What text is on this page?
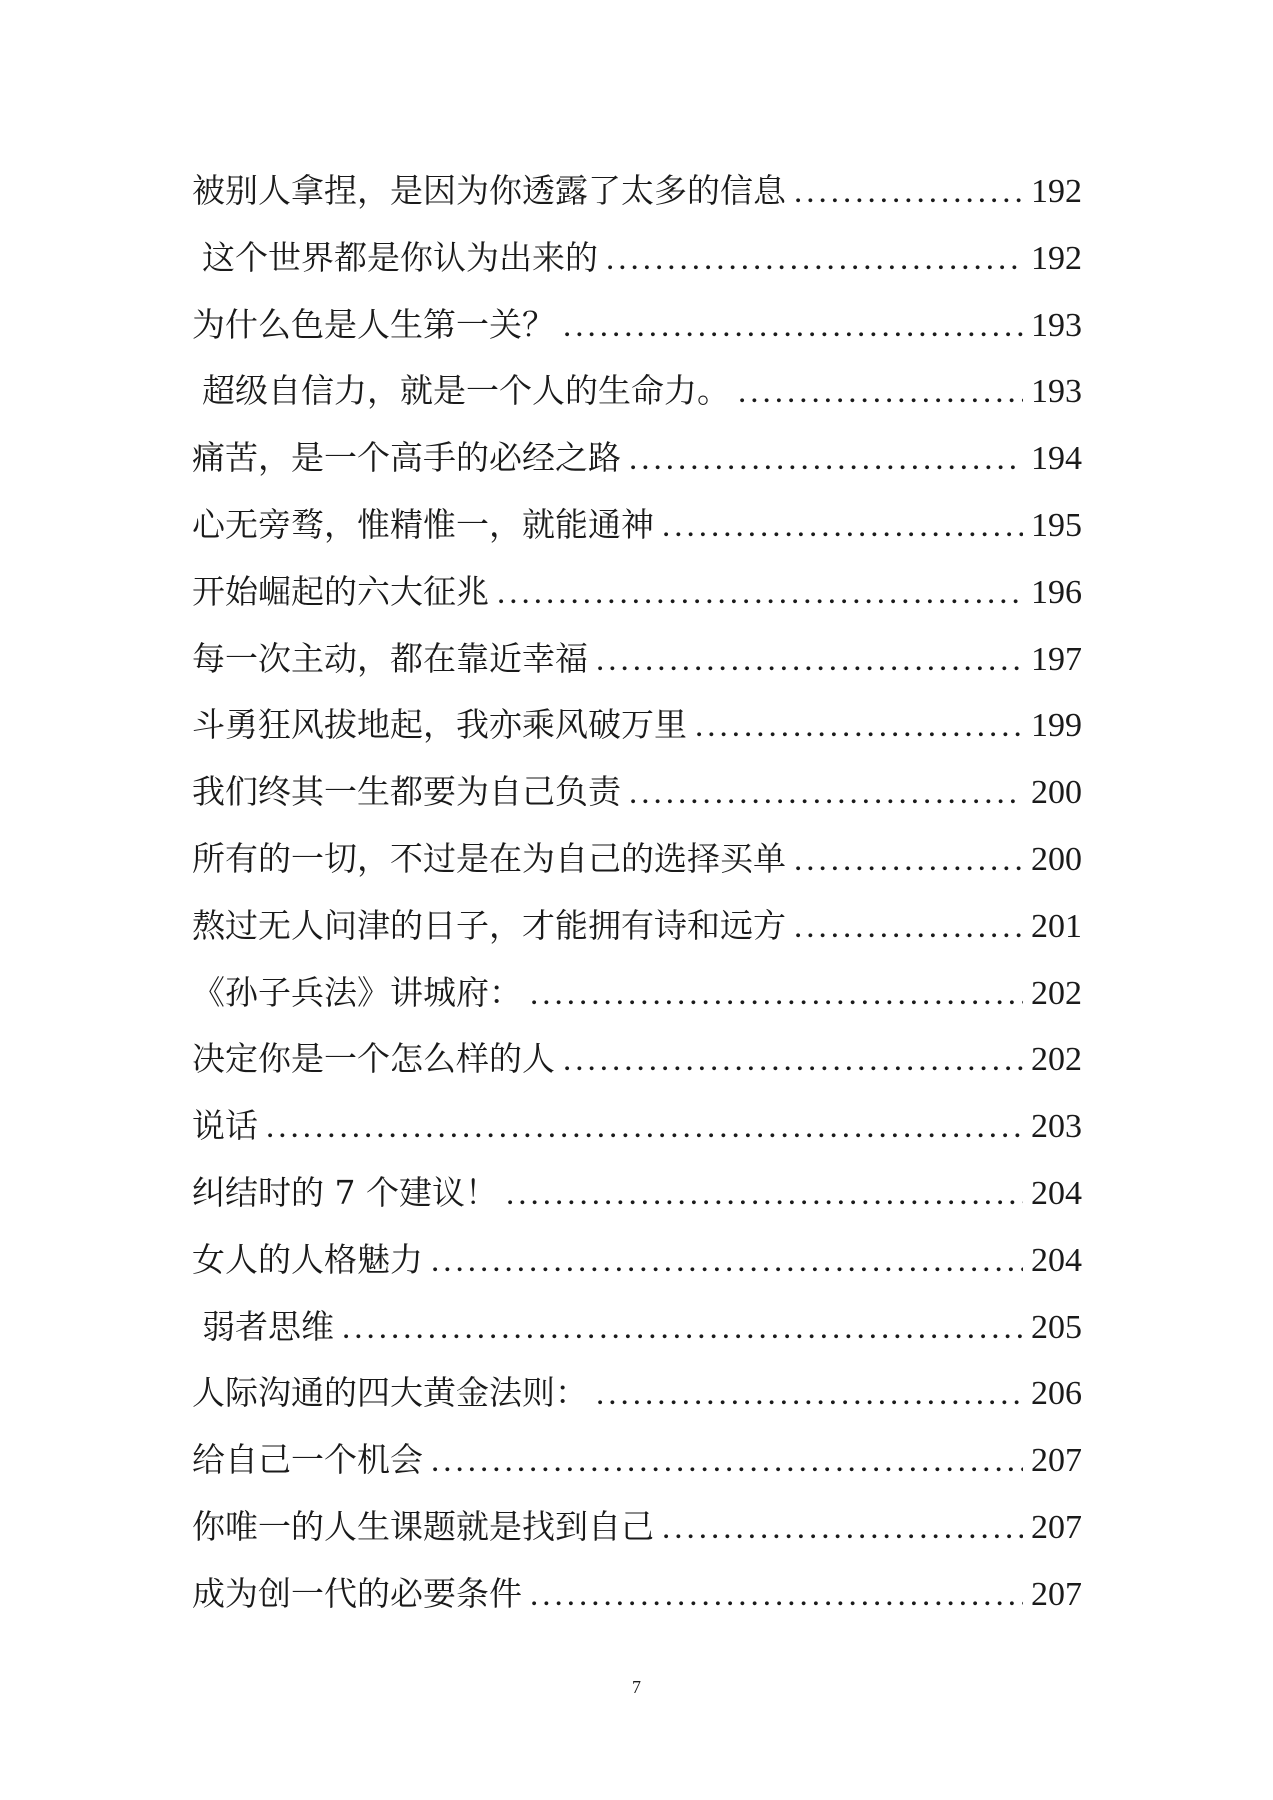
被别人拿捏，是因为你透露了太多的信息 .....	192
这个世界都是你认为出来的 .....	192
为什么色是人生第一关？ .....	193
超级自信力，就是一个人的生命力。 .....	193
痛苦，是一个高手的必经之路 .....	194
心无旁骛，惟精惟一，就能通神 .....	195
开始崛起的六大征兆 .....	196
每一次主动，都在靠近幸福 .....	197
斗勇狂风拔地起，我亦乘风破万里 .....	199
我们终其一生都要为自己负责 .....	200
所有的一切，不过是在为自己的选择买单 .....	200
熬过无人问津的日子，才能拥有诗和远方 .....	201
《孙子兵法》讲城府： .....	202
决定你是一个怎么样的人 .....	202
说话 .....	203
纠结时的 7 个建议！ .....	204
女人的人格魅力 .....	204
弱者思维 .....	205
人际沟通的四大黄金法则： .....	206
给自己一个机会 .....	207
你唯一的人生课题就是找到自己 .....	207
成为创一代的必要条件 .....	207
7
